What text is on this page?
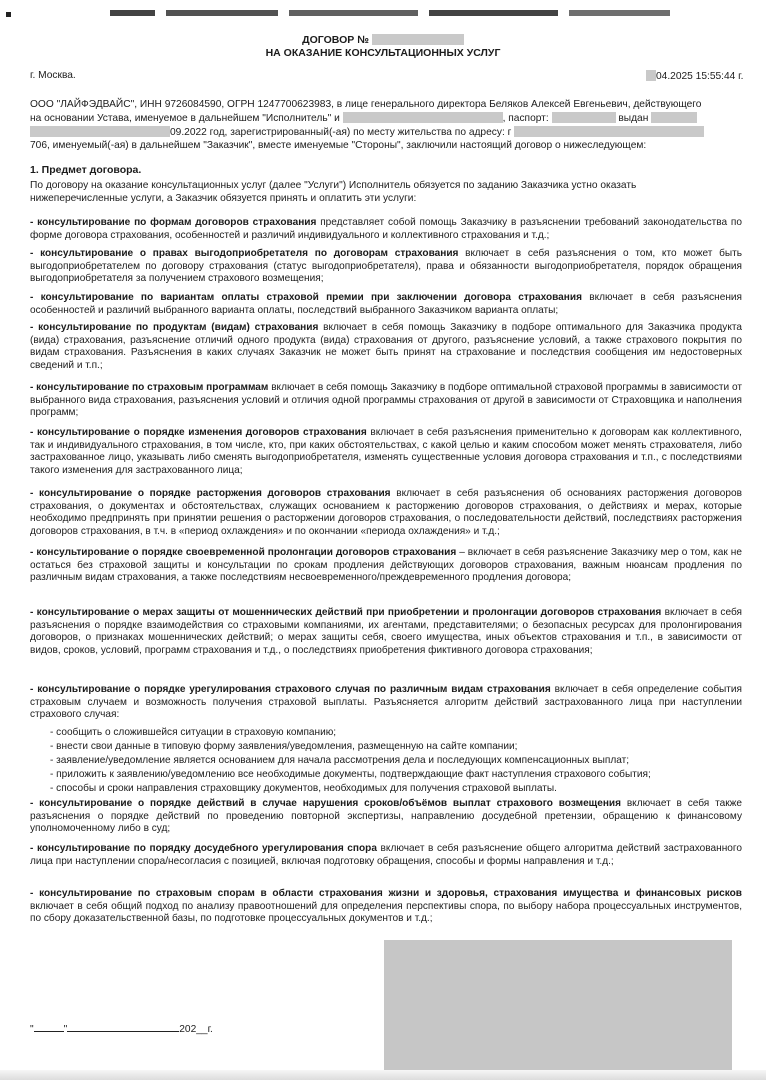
ДОГОВОР №
НА ОКАЗАНИЕ КОНСУЛЬТАЦИОННЫХ УСЛУГ
г. Москва.	04.2025 15:55:44 г.
ООО "ЛАЙФЭДВАЙС", ИНН 9726084590, ОГРН 1247700623983, в лице генерального директора Беляков Алексей Евгеньевич, действующего
на основании Устава, именуемое в дальнейшем "Исполнитель" и	, паспорт:	выдан
09.2022 год, зарегистрированный(-ая) по месту жительства по адресу: г
706, именуемый(-ая) в дальнейшем "Заказчик", вместе именуемые "Стороны", заключили настоящий договор о нижеследующем:
1. Предмет договора.
По договору на оказание консультационных услуг (далее "Услуги") Исполнитель обязуется по заданию Заказчика устно оказать
нижеперечисленные услуги, а Заказчик обязуется принять и оплатить эти услуги:
- консультирование по формам договоров страхования представляет собой помощь Заказчику в разъяснении требований законодательства по форме договора страхования, особенностей и различий индивидуального и коллективного страхования и т.д.;
- консультирование о правах выгодоприобретателя по договорам страхования включает в себя разъяснения о том, кто может быть выгодоприобретателем по договору страхования (статус выгодоприобретателя), права и обязанности выгодоприобретателя, порядок обращения выгодоприобретателя за получением страхового возмещения;
- консультирование по вариантам оплаты страховой премии при заключении договора страхования включает в себя разъяснения особенностей и различий выбранного варианта оплаты, последствий выбранного Заказчиком варианта оплаты;
- консультирование по продуктам (видам) страхования включает в себя помощь Заказчику в подборе оптимального для Заказчика продукта (вида) страхования, разъяснение отличий одного продукта (вида) страхования от другого, разъяснение условий, а также страхового покрытия по видам страхования. Разъяснения в каких случаях Заказчик не может быть принят на страхование и последствия сообщения им недостоверных сведений и т.п.;
- консультирование по страховым программам включает в себя помощь Заказчику в подборе оптимальной страховой программы в зависимости от выбранного вида страхования, разъяснения условий и отличия одной программы страхования от другой в зависимости от Страховщика и наполнения программ;
- консультирование о порядке изменения договоров страхования включает в себя разъяснения применительно к договорам как коллективного, так и индивидуального страхования, в том числе, кто, при каких обстоятельствах, с какой целью и каким способом может менять страхователя, либо застрахованное лицо, указывать либо сменять выгодоприобретателя, изменять существенные условия договора страхования и т.п., с последствиями такого изменения для застрахованного лица;
- консультирование о порядке расторжения договоров страхования включает в себя разъяснения об основаниях расторжения договоров страхования, о документах и обстоятельствах, служащих основанием к расторжению договоров страхования, о действиях и мерах, которые необходимо предпринять при принятии решения о расторжении договоров страхования, о последовательности действий, последствиях расторжения договоров страхования, в т.ч. в «период охлаждения» и по окончании «периода охлаждения» и т.д.;
- консультирование о порядке своевременной пролонгации договоров страхования – включает в себя разъяснение Заказчику мер о том, как не остаться без страховой защиты и консультации по срокам продления действующих договоров страхования, важным нюансам продления по различным видам страхования, а также последствиям несвоевременного/преждевременного продления договора;
- консультирование о мерах защиты от мошеннических действий при приобретении и пролонгации договоров страхования включает в себя разъяснения о порядке взаимодействия со страховыми компаниями, их агентами, представителями; о безопасных ресурсах для пролонгирования договоров, о признаках мошеннических действий; о мерах защиты себя, своего имущества, иных объектов страхования и т.п., в зависимости от видов, сроков, условий, программ страхования и т.д., о последствиях приобретения фиктивного договора страхования;
- консультирование о порядке урегулирования страхового случая по различным видам страхования включает в себя определение события страховым случаем и возможность получения страховой выплаты. Разъясняется алгоритм действий застрахованного лица при наступлении страхового случая:
- сообщить о сложившейся ситуации в страховую компанию;
- внести свои данные в типовую форму заявления/уведомления, размещенную на сайте компании;
- заявление/уведомление является основанием для начала рассмотрения дела и последующих компенсационных выплат;
- приложить к заявлению/уведомлению все необходимые документы, подтверждающие факт наступления страхового события;
- способы и сроки направления страховщику документов, необходимых для получения страховой выплаты.
- консультирование о порядке действий в случае нарушения сроков/объёмов выплат страхового возмещения включает в себя также разъяснения о порядке действий по проведению повторной экспертизы, направлению досудебной претензии, обращению к финансовому уполномоченному либо в суд;
- консультирование по порядку досудебного урегулирования спора включает в себя разъяснение общего алгоритма действий застрахованного лица при наступлении спора/несогласия с позицией, включая подготовку обращения, способы и формы направления и т.д.;
- консультирование по страховым спорам в области страхования жизни и здоровья, страхования имущества и финансовых рисков включает в себя общий подход по анализу правоотношений для определения перспективы спора, по выбору набора процессуальных инструментов, по сбору доказательственной базы, по подготовке процессуальных документов и т.д.;
"	"	202__г.
